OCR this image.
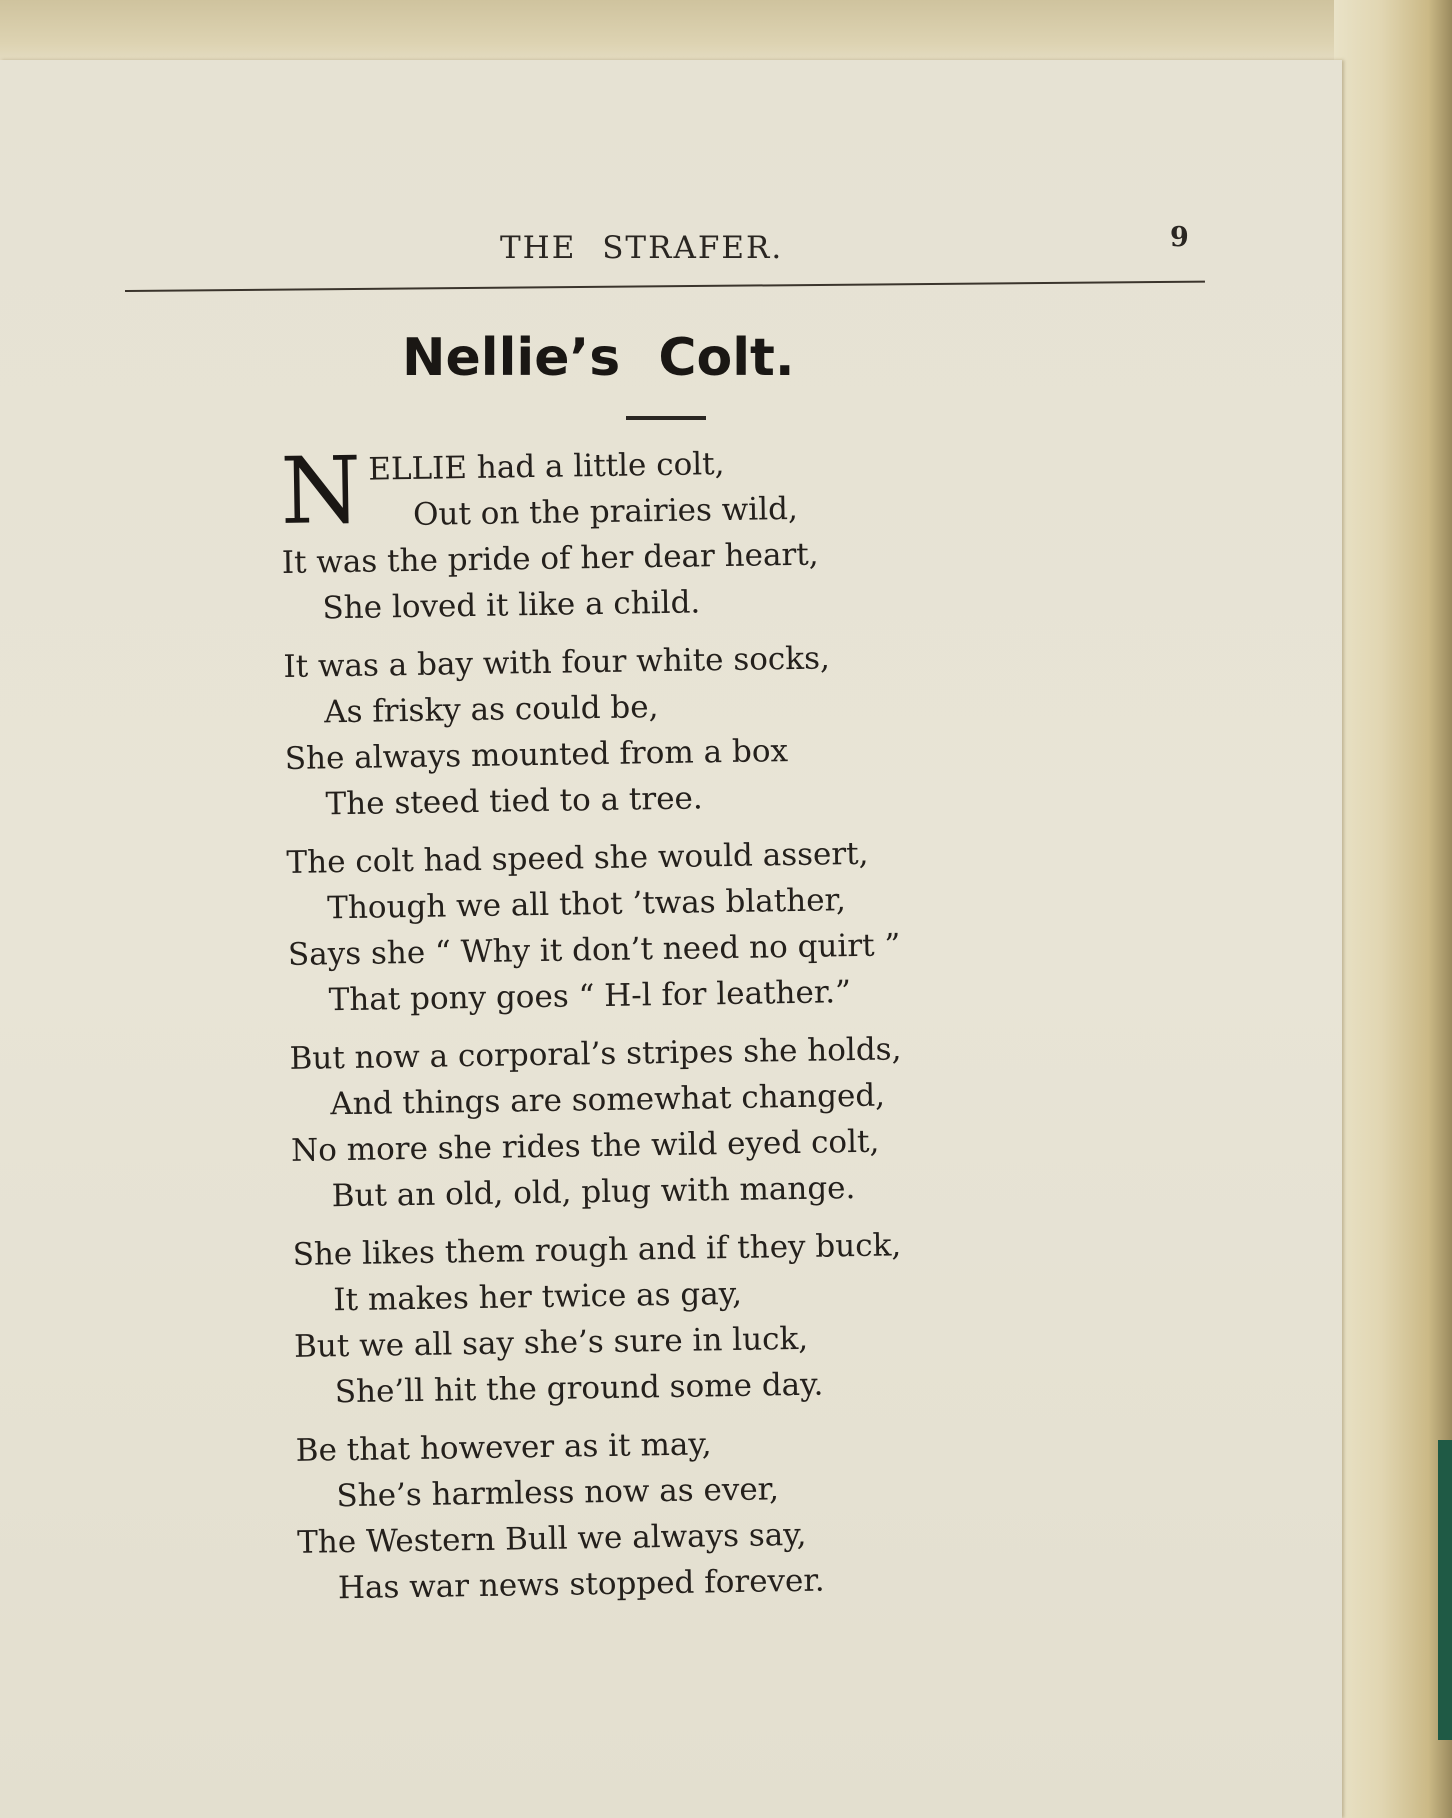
THE STRAFER.	9
Nellie’s Colt.
N ELLIE had a little colt,
Out on the prairies wild,
It was the pride of her dear heart,
She loved it like a child.
It was a bay with four white socks,
As frisky as could be,
She always mounted from a box
The steed tied to a tree.
The colt had speed she would assert,
Though we all thot ’twas blather,
Says she “ Why it don’t need no quirt ”
That pony goes “ H-l for leather.”
But now a corporal’s stripes she holds,
And things are somewhat changed,
No more she rides the wild eyed colt,
But an old, old, plug with mange.
She likes them rough and if they buck,
It makes her twice as gay,
But we all say she’s sure in luck,
She’ll hit the ground some day.
Be that however as it may,
She’s harmless now as ever,
The Western Bull we always say,
Has war news stopped forever.
